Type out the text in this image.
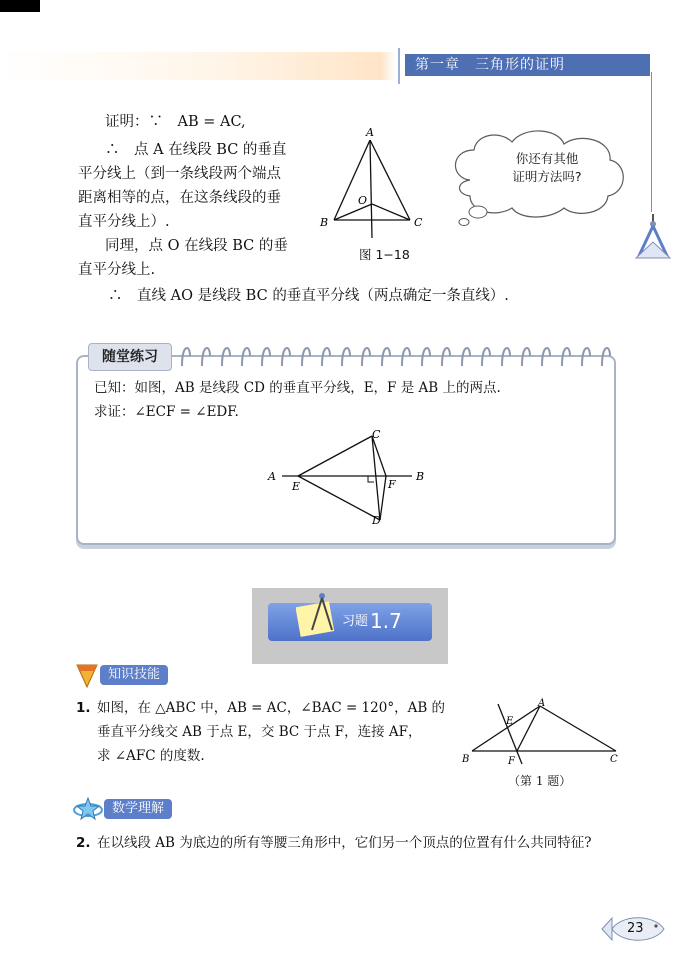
第一章　三角形的证明

证明：∵　AB = AC,

∴　点 A 在线段 BC 的垂直

平分线上（到一条线段两个端点

距离相等的点，在这条线段的垂

直平分线上）.

同理，点 O 在线段 BC 的垂

直平分线上.

∴　直线 AO 是线段 BC 的垂直平分线（两点确定一条直线）.

A
B	C
O
图 1−18
你还有其他
证明方法吗?
随堂练习
已知：如图，AB 是线段 CD 的垂直平分线，E，F 是 AB 上的两点.
求证：∠ECF = ∠EDF.
A	B
C
D
E	F
习题 1.7
知识技能
1. 如图，在 △ABC 中，AB = AC，∠BAC = 120°，AB 的
垂直平分线交 AB 于点 E，交 BC 于点 F，连接 AF，
求 ∠AFC 的度数.	B	C
A
E
F
（第 1 题）
数学理解
2. 在以线段 AB 为底边的所有等腰三角形中，它们另一个顶点的位置有什么共同特征?
23
